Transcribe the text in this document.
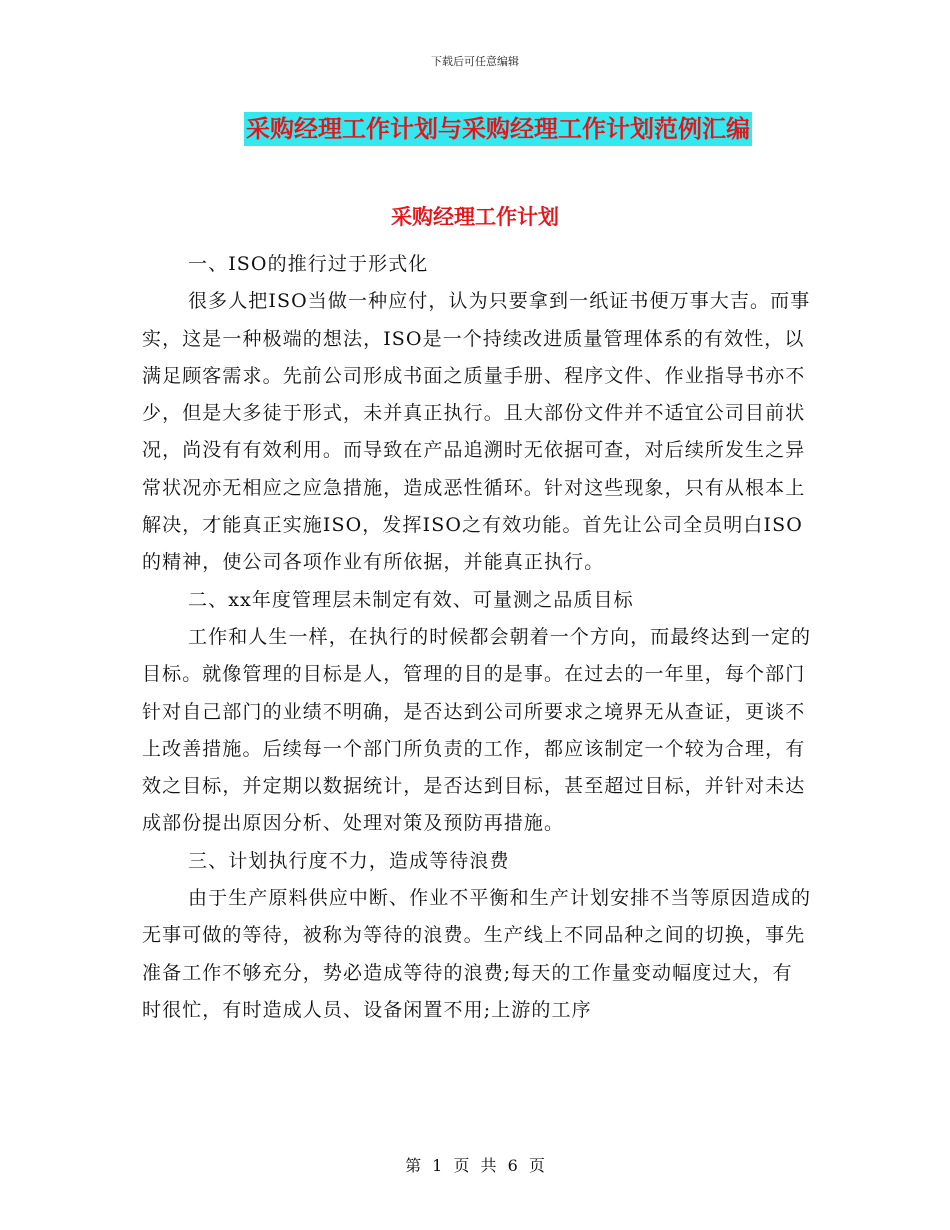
下载后可任意编辑
采购经理工作计划与采购经理工作计划范例汇编
采购经理工作计划

一、ISO的推行过于形式化

很多人把ISO当做一种应付，认为只要拿到一纸证书便万事大吉。而事实，这是一种极端的想法，ISO是一个持续改进质量管理体系的有效性，以满足顾客需求。先前公司形成书面之质量手册、程序文件、作业指导书亦不少，但是大多徒于形式，未并真正执行。且大部份文件并不适宜公司目前状况，尚没有有效利用。而导致在产品追溯时无依据可查，对后续所发生之异常状况亦无相应之应急措施，造成恶性循环。针对这些现象，只有从根本上解决，才能真正实施ISO，发挥ISO之有效功能。首先让公司全员明白ISO的精神，使公司各项作业有所依据，并能真正执行。

二、xx年度管理层未制定有效、可量测之品质目标

工作和人生一样，在执行的时候都会朝着一个方向，而最终达到一定的目标。就像管理的目标是人，管理的目的是事。在过去的一年里，每个部门针对自己部门的业绩不明确，是否达到公司所要求之境界无从查证，更谈不上改善措施。后续每一个部门所负责的工作，都应该制定一个较为合理，有效之目标，并定期以数据统计，是否达到目标，甚至超过目标，并针对未达成部份提出原因分析、处理对策及预防再措施。

三、计划执行度不力，造成等待浪费

由于生产原料供应中断、作业不平衡和生产计划安排不当等原因造成的无事可做的等待，被称为等待的浪费。生产线上不同品种之间的切换，事先准备工作不够充分，势必造成等待的浪费;每天的工作量变动幅度过大，有时很忙，有时造成人员、设备闲置不用;上游的工序

第 1 页 共 6 页
